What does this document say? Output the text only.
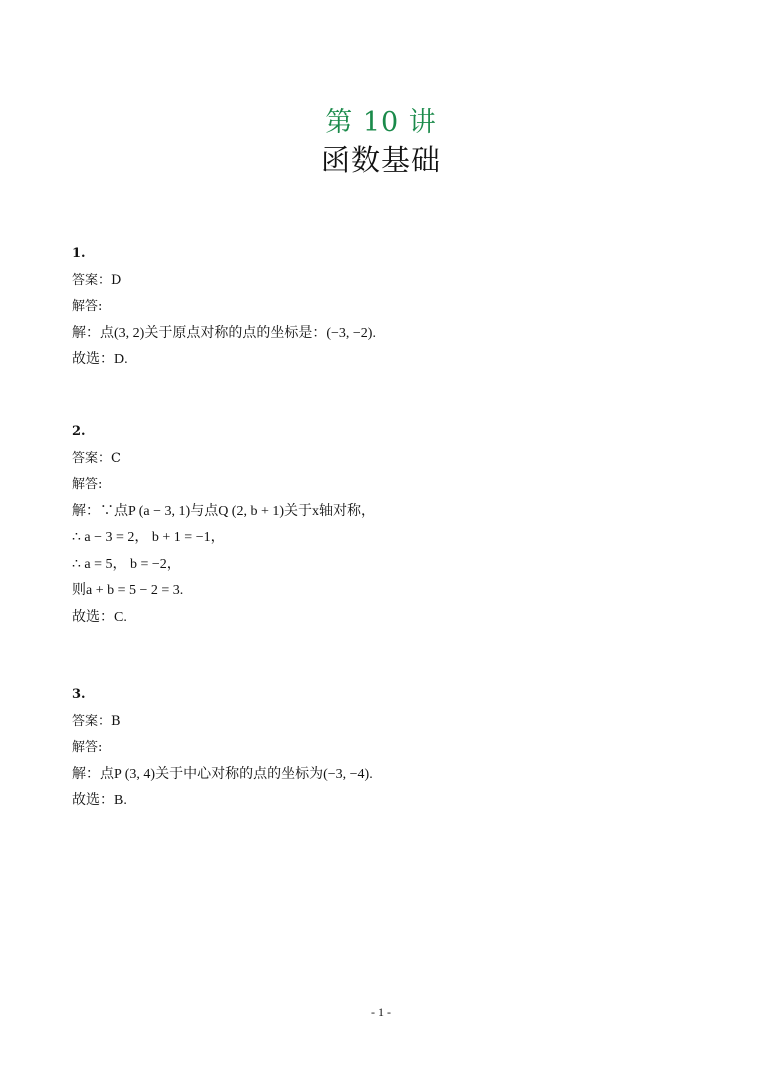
第 10 讲
函数基础
1.
答案：D
解答:
解：点(3, 2)关于原点对称的点的坐标是：(−3, −2).
故选：D.
2.
答案：C
解答:
解：∵点P (a − 3, 1)与点Q (2, b + 1)关于x轴对称，
∴ a − 3 = 2， b + 1 = −1，
∴ a = 5， b = −2，
则a + b = 5 − 2 = 3.
故选：C.
3.
答案：B
解答:
解：点P (3, 4)关于中心对称的点的坐标为(−3, −4).
故选：B.
- 1 -
